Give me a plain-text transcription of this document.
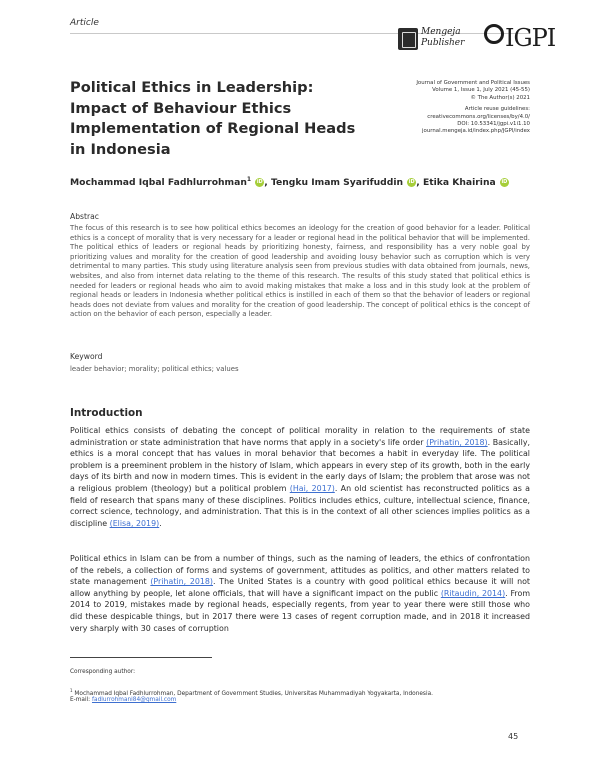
Article
Mengeja
Publisher	IGPI
Political Ethics in Leadership: Impact of Behaviour Ethics Implementation of Regional Heads in Indonesia
Journal of Government and Political Issues
Volume 1, Issue 1, July 2021 (45-55)
© The Author(s) 2021
Article reuse guidelines:
creativecommons.org/licenses/by/4.0/
DOI: 10.53341/jgpi.v1i1.10
journal.mengeja.id/index.php/JGPI/index
Mochammad Iqbal Fadhlurrohman$^1$ iD , Tengku Imam Syarifuddin iD , Etika Khairina iD
Abstrac
The focus of this research is to see how political ethics becomes an ideology for the creation of good behavior for a leader. Political ethics is a concept of morality that is very necessary for a leader or regional head in the political behavior that will be implemented. The political ethics of leaders or regional heads by prioritizing honesty, fairness, and responsibility has a very noble goal by prioritizing values and morality for the creation of good leadership and avoiding lousy behavior such as corruption which is very detrimental to many parties. This study using literature analysis seen from previous studies with data obtained from journals, news, websites, and also from internet data relating to the theme of this research. The results of this study stated that political ethics is needed for leaders or regional heads who aim to avoid making mistakes that make a loss and in this study look at the problem of regional heads or leaders in Indonesia whether political ethics is instilled in each of them so that the behavior of leaders or regional heads does not deviate from values and morality for the creation of good leadership. The concept of political ethics is the concept of action on the behavior of each person, especially a leader.
Keyword
leader behavior; morality; political ethics; values
Introduction
Political ethics consists of debating the concept of political morality in relation to the requirements of state administration or state administration that have norms that apply in a society's life order (Prihatin, 2018). Basically, ethics is a moral concept that has values in moral behavior that becomes a habit in everyday life. The political problem is a preeminent problem in the history of Islam, which appears in every step of its growth, both in the early days of its birth and now in modern times. This is evident in the early days of Islam; the problem that arose was not a religious problem (theology) but a political problem (Hai, 2017). An old scientist has reconstructed politics as a field of research that spans many of these disciplines. Politics includes ethics, culture, intellectual science, finance, correct science, technology, and administration. That this is in the context of all other sciences implies politics as a discipline (Elisa, 2019).
Political ethics in Islam can be from a number of things, such as the naming of leaders, the ethics of confrontation of the rebels, a collection of forms and systems of government, attitudes as politics, and other matters related to state management (Prihatin, 2018). The United States is a country with good political ethics because it will not allow anything by people, let alone officials, that will have a significant impact on the public (Ritaudin, 2014). From 2014 to 2019, mistakes made by regional heads, especially regents, from year to year there were still those who did these despicable things, but in 2017 there were 13 cases of regent corruption made, and in 2018 it increased very sharply with 30 cases of corruption
Corresponding author:
$^1$ Mochammad Iqbal Fadhlurrohman, Department of Government Studies, Universitas Muhammadiyah Yogyakarta, Indonesia.
E-mail: fadlurrohmani84@gmail.com
45
